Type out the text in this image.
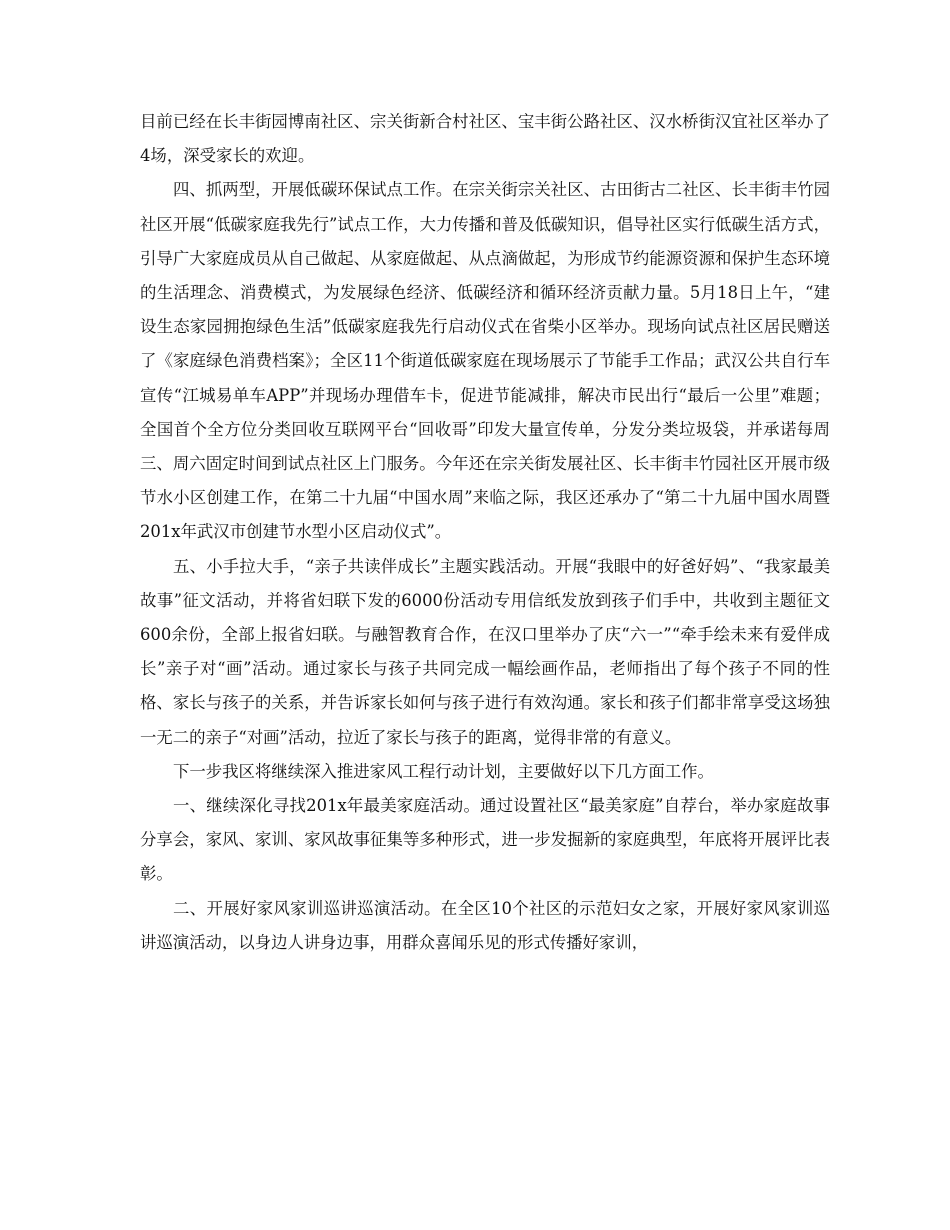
目前已经在长丰街园博南社区、宗关街新合村社区、宝丰街公路社区、汉水桥街汉宜社区举办了4场，深受家长的欢迎。

四、抓两型，开展低碳环保试点工作。在宗关街宗关社区、古田街古二社区、长丰街丰竹园社区开展“低碳家庭我先行”试点工作，大力传播和普及低碳知识，倡导社区实行低碳生活方式，引导广大家庭成员从自己做起、从家庭做起、从点滴做起，为形成节约能源资源和保护生态环境的生活理念、消费模式，为发展绿色经济、低碳经济和循环经济贡献力量。5月18日上午，“建设生态家园拥抱绿色生活”低碳家庭我先行启动仪式在省柴小区举办。现场向试点社区居民赠送了《家庭绿色消费档案》；全区11个街道低碳家庭在现场展示了节能手工作品；武汉公共自行车宣传“江城易单车APP”并现场办理借车卡，促进节能减排，解决市民出行“最后一公里”难题；全国首个全方位分类回收互联网平台“回收哥”印发大量宣传单，分发分类垃圾袋，并承诺每周三、周六固定时间到试点社区上门服务。今年还在宗关街发展社区、长丰街丰竹园社区开展市级节水小区创建工作，在第二十九届“中国水周”来临之际，我区还承办了“第二十九届中国水周暨201x年武汉市创建节水型小区启动仪式”。

五、小手拉大手，“亲子共读伴成长”主题实践活动。开展“我眼中的好爸好妈”、“我家最美故事”征文活动，并将省妇联下发的6000份活动专用信纸发放到孩子们手中，共收到主题征文600余份，全部上报省妇联。与融智教育合作，在汉口里举办了庆“六一”“牵手绘未来有爱伴成长”亲子对“画”活动。通过家长与孩子共同完成一幅绘画作品，老师指出了每个孩子不同的性格、家长与孩子的关系，并告诉家长如何与孩子进行有效沟通。家长和孩子们都非常享受这场独一无二的亲子“对画”活动，拉近了家长与孩子的距离，觉得非常的有意义。

下一步我区将继续深入推进家风工程行动计划，主要做好以下几方面工作。

一、继续深化寻找201x年最美家庭活动。通过设置社区“最美家庭”自荐台，举办家庭故事分享会，家风、家训、家风故事征集等多种形式，进一步发掘新的家庭典型，年底将开展评比表彰。

二、开展好家风家训巡讲巡演活动。在全区10个社区的示范妇女之家，开展好家风家训巡讲巡演活动，以身边人讲身边事，用群众喜闻乐见的形式传播好家训，
